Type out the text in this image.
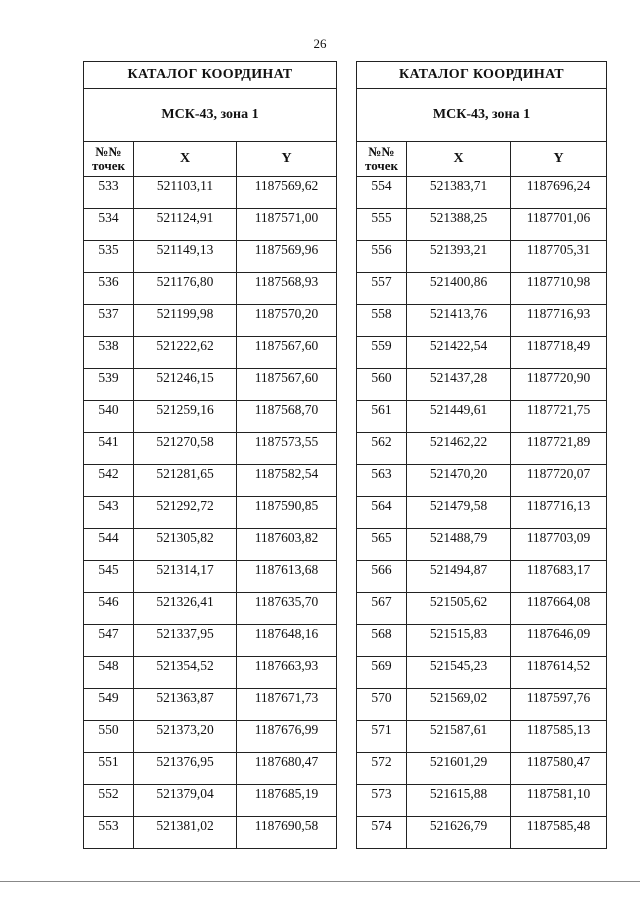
26
КАТАЛОГ КООРДИНАТ		
МСК-43, зона 1		
№№
точек	X	Y
533	521103,11	1187569,62
534	521124,91	1187571,00
535	521149,13	1187569,96
536	521176,80	1187568,93
537	521199,98	1187570,20
538	521222,62	1187567,60
539	521246,15	1187567,60
540	521259,16	1187568,70
541	521270,58	1187573,55
542	521281,65	1187582,54
543	521292,72	1187590,85
544	521305,82	1187603,82
545	521314,17	1187613,68
546	521326,41	1187635,70
547	521337,95	1187648,16
548	521354,52	1187663,93
549	521363,87	1187671,73
550	521373,20	1187676,99
551	521376,95	1187680,47
552	521379,04	1187685,19
553	521381,02	1187690,58
КАТАЛОГ КООРДИНАТ		
МСК-43, зона 1		
№№
точек	X	Y
554	521383,71	1187696,24
555	521388,25	1187701,06
556	521393,21	1187705,31
557	521400,86	1187710,98
558	521413,76	1187716,93
559	521422,54	1187718,49
560	521437,28	1187720,90
561	521449,61	1187721,75
562	521462,22	1187721,89
563	521470,20	1187720,07
564	521479,58	1187716,13
565	521488,79	1187703,09
566	521494,87	1187683,17
567	521505,62	1187664,08
568	521515,83	1187646,09
569	521545,23	1187614,52
570	521569,02	1187597,76
571	521587,61	1187585,13
572	521601,29	1187580,47
573	521615,88	1187581,10
574	521626,79	1187585,48
